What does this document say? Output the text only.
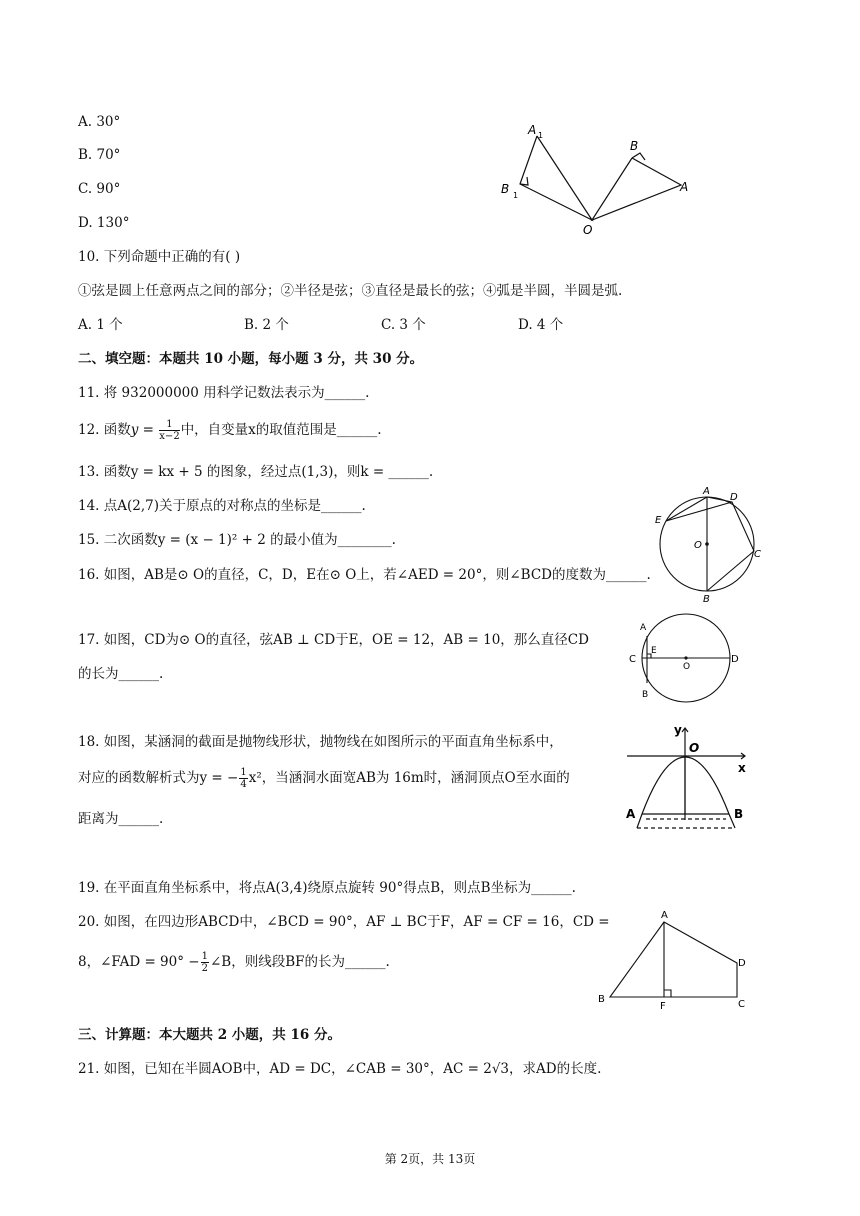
A. 30°
B. 70°
C. 90°
D. 130°
A 1
B 1
B
A
O
10. 下列命题中正确的有( )
①弦是圆上任意两点之间的部分；②半径是弦；③直径是最长的弦；④弧是半圆，半圆是弧.
A. 1 个	B. 2 个	C. 3 个	D. 4 个
二、填空题：本题共 10 小题，每小题 3 分，共 30 分。
11. 将 932000000 用科学记数法表示为______.
12. 函数$y = \frac{1}{x-2}$ 中，自变量x的取值范围是______.
13. 函数y = kx + 5 的图象，经过点(1,3)，则k = ______.
14. 点A(2,7)关于原点的对称点的坐标是______.
15. 二次函数y = (x − 1)² + 2 的最小值为________.
16. 如图，AB是⊙ O的直径，C，D，E在⊙ O上，若∠AED = 20°，则∠BCD的度数为______.
A
D
E
O
C
B
17. 如图，CD为⊙ O的直径，弦AB ⊥ CD于E，OE = 12，AB = 10，那么直径CD
的长为______.
A
C
E
O
D
B
18. 如图，某涵洞的截面是抛物线形状，抛物线在如图所示的平面直角坐标系中，
对应的函数解析式为y = − $\frac{1}{4} x^2$，当涵洞水面宽AB为 16m时，涵洞顶点O至水面的
距离为______.
y
O
x
A	B
19. 在平面直角坐标系中，将点A(3,4)绕原点旋转 90°得点B，则点B坐标为______.
20. 如图，在四边形ABCD中，∠BCD = 90°，AF ⊥ BC于F，AF = CF = 16，CD =
8，∠FAD = $90^\circ - \frac{1}{2}$ ∠B，则线段BF的长为______.
A
D
B
F	C
三、计算题：本大题共 2 小题，共 16 分。
21. 如图，已知在半圆AOB中，AD = DC，∠CAB = 30°，AC = 2√3，求AD的长度.
第 2页，共 13页
